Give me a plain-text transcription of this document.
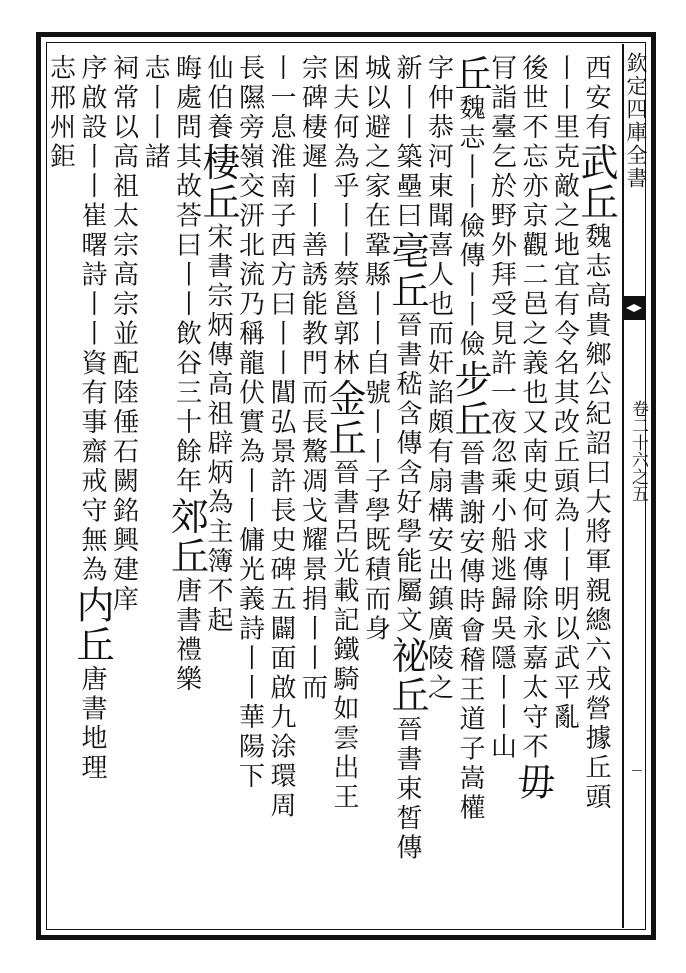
欽定四庫全書
卷二十六之五
西安有武丘魏志高貴鄉公紀詔曰大將軍親總六戎營據丘頭
丨丨里克敵之地宜有令名其改丘頭為丨丨明以武平亂
後世不忘亦京觀二邑之義也又南史何求傳除永嘉太守不毋
肎詣臺乞於野外拜受見許一夜忽乘小船逃歸吳隱丨丨山
丘魏志丨丨儉傳丨丨儉步丘晉書謝安傳時會稽王道子嵩權
字仲恭河東聞喜人也而奸諂頗有扇構安出鎮廣陵之
新丨丨築壘曰亳丘晉書嵇含傳含好學能屬文祕丘晉書束皙傳
城以避之家在鞏縣丨丨自號丨丨子學既積而身
困夫何為乎丨丨蔡邕郭林金丘晉書呂光載記鐵騎如雲出王
宗碑棲遲丨丨善誘能教門而長驁凋戈耀景捐丨丨而
丨一息淮南子西方曰丨丨閶弘景許長史碑五闢面啟九涂環周
長隰旁嶺交汧北流乃稱龍伏實為丨丨傭光義詩丨丨華陽下
仙伯養棲丘宋書宗炳傳高祖辟炳為主簿不起
晦處問其故荅曰丨丨飲谷三十餘年郊丘唐書禮樂
志丨丨諸
祠常以高祖太宗高宗並配陸倕石闕銘興建庠
序啟設丨丨崔曙詩丨丨資有事齋戒守無為内丘唐書地理
志邢州鉅
